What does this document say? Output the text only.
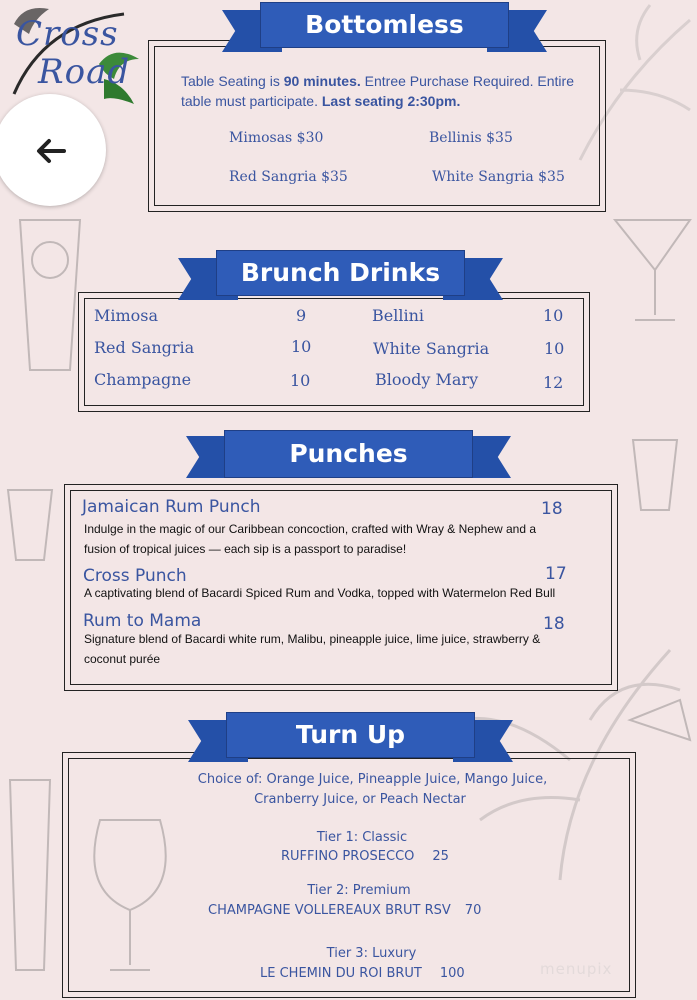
Cross
Road
Bottomless
Table Seating is 90 minutes. Entree Purchase Required. Entire
table must participate. Last seating 2:30pm.
Mimosas $30	Bellinis $35
Red Sangria $35	White Sangria $35
Brunch Drinks
Mimosa	9	Bellini	10
Red Sangria	10	White Sangria	10
Champagne	10	Bloody Mary	12
Punches
Jamaican Rum Punch	18
Indulge in the magic of our Caribbean concoction, crafted with Wray & Nephew and a
fusion of tropical juices — each sip is a passport to paradise!
Cross Punch	17
A captivating blend of Bacardi Spiced Rum and Vodka, topped with Watermelon Red Bull
Rum to Mama	18
Signature blend of Bacardi white rum, Malibu, pineapple juice, lime juice, strawberry &
coconut purée
Turn Up
Choice of: Orange Juice, Pineapple Juice, Mango Juice,
Cranberry Juice, or Peach Nectar
Tier 1: Classic
RUFFINO PROSECCO 25
Tier 2: Premium
CHAMPAGNE VOLLEREAUX BRUT RSV 70
Tier 3: Luxury
LE CHEMIN DU ROI BRUT 100	menupix
